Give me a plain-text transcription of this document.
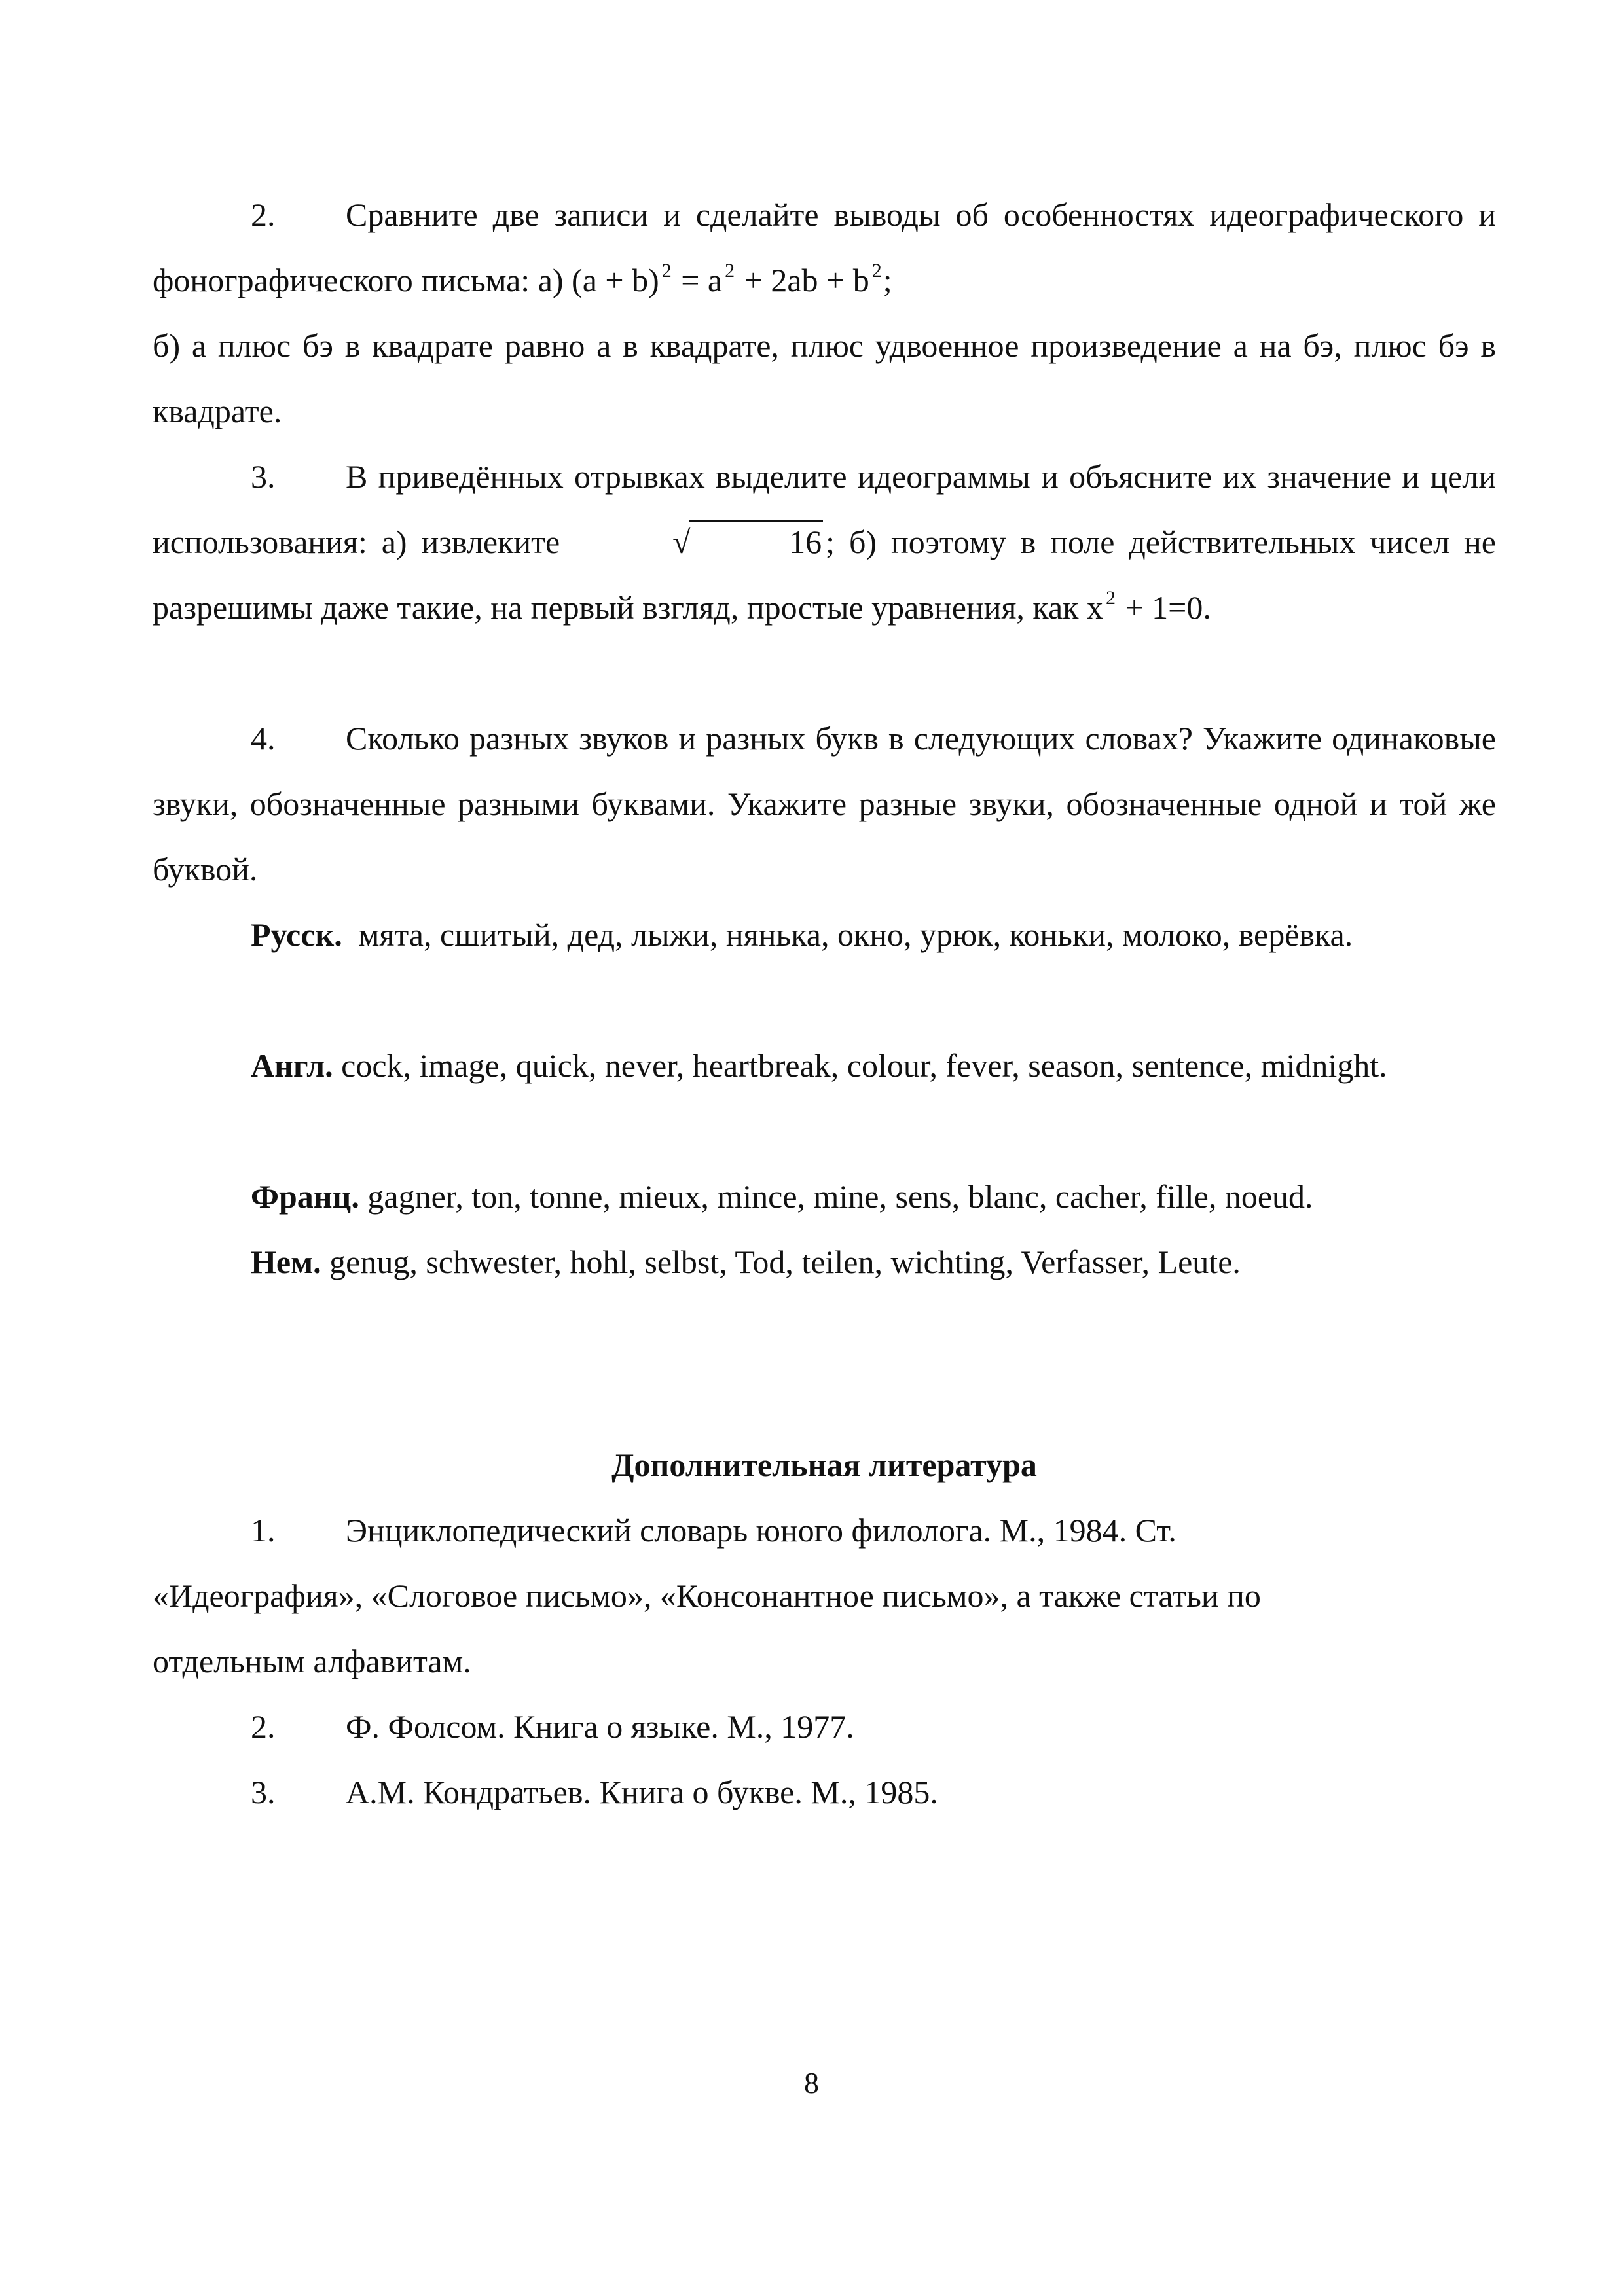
2. Сравните две записи и сделайте выводы об особенностях идеографического и фонографического письма: а) (a + b) $^2$ = a $^2$ + 2ab + b $^2$;

б) а плюс бэ в квадрате равно а в квадрате, плюс удвоенное произведение а на бэ, плюс бэ в квадрате.

3. В приведённых отрывках выделите идеограммы и объясните их значение и цели использования: а) извлеките	√	16 ; б) поэтому в поле действительных чисел не разрешимы даже такие, на первый взгляд, простые уравнения, как x $^2$ + 1=0.

4. Сколько разных звуков и разных букв в следующих словах? Укажите одинаковые звуки, обозначенные разными буквами. Укажите разные звуки, обозначенные одной и той же буквой.

Русск. мята, сшитый, дед, лыжи, нянька, окно, урюк, коньки, молоко, верёвка.

Англ. cock, image, quick, never, heartbreak, colour, fever, season, sentence, midnight.

Франц. gagner, ton, tonne, mieux, mince, mine, sens, blanc, cacher, fille, noeud.

Нем. genug, schwester, hohl, selbst, Tod, teilen, wichting, Verfasser, Leute.

Дополнительная литература

1. Энциклопедический словарь юного филолога. М., 1984. Ст.

«Идеография», «Слоговое письмо», «Консонантное письмо», а также статьи по

отдельным алфавитам.

2. Ф. Фолсом. Книга о языке. М., 1977.

3. А.М. Кондратьев. Книга о букве. М., 1985.

8
